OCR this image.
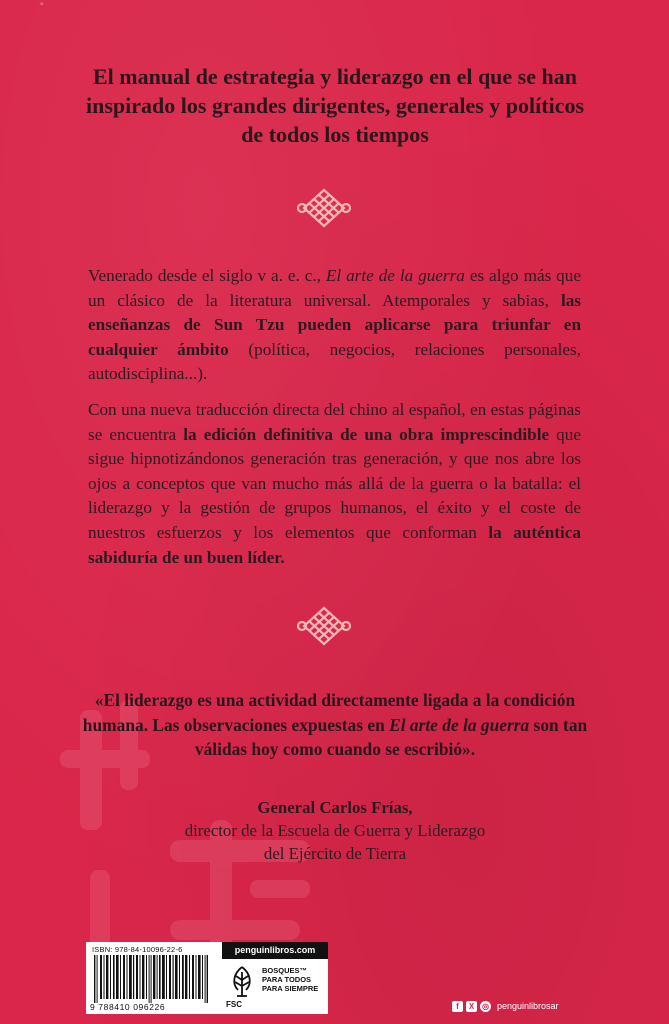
◦
El manual de estrategia y liderazgo en el que se han inspirado los grandes dirigentes, generales y políticos de todos los tiempos
Venerado desde el siglo v a. e. c., El arte de la guerra es algo más que un clásico de la literatura universal. Atemporales y sabias, las enseñanzas de Sun Tzu pueden aplicarse para triunfar en cualquier ámbito (política, negocios, relaciones personales, autodisciplina...).
Con una nueva traducción directa del chino al español, en estas páginas se encuentra la edición definitiva de una obra imprescindible que sigue hipnotizándonos generación tras generación, y que nos abre los ojos a conceptos que van mucho más allá de la guerra o la batalla: el liderazgo y la gestión de grupos humanos, el éxito y el coste de nuestros esfuerzos y los elementos que conforman la auténtica sabiduría de un buen líder.
«El liderazgo es una actividad directamente ligada a la condición humana. Las observaciones expuestas en El arte de la guerra son tan válidas hoy como cuando se escribió».
General Carlos Frías,
director de la Escuela de Guerra y Liderazgo
del Ejército de Tierra
ISBN: 978-84-10096-22-6
9 788410 096226
penguinlibros.com
FSC
BOSQUES™
PARA TODOS
PARA SIEMPRE
f	X ◎ penguinlibrosar
